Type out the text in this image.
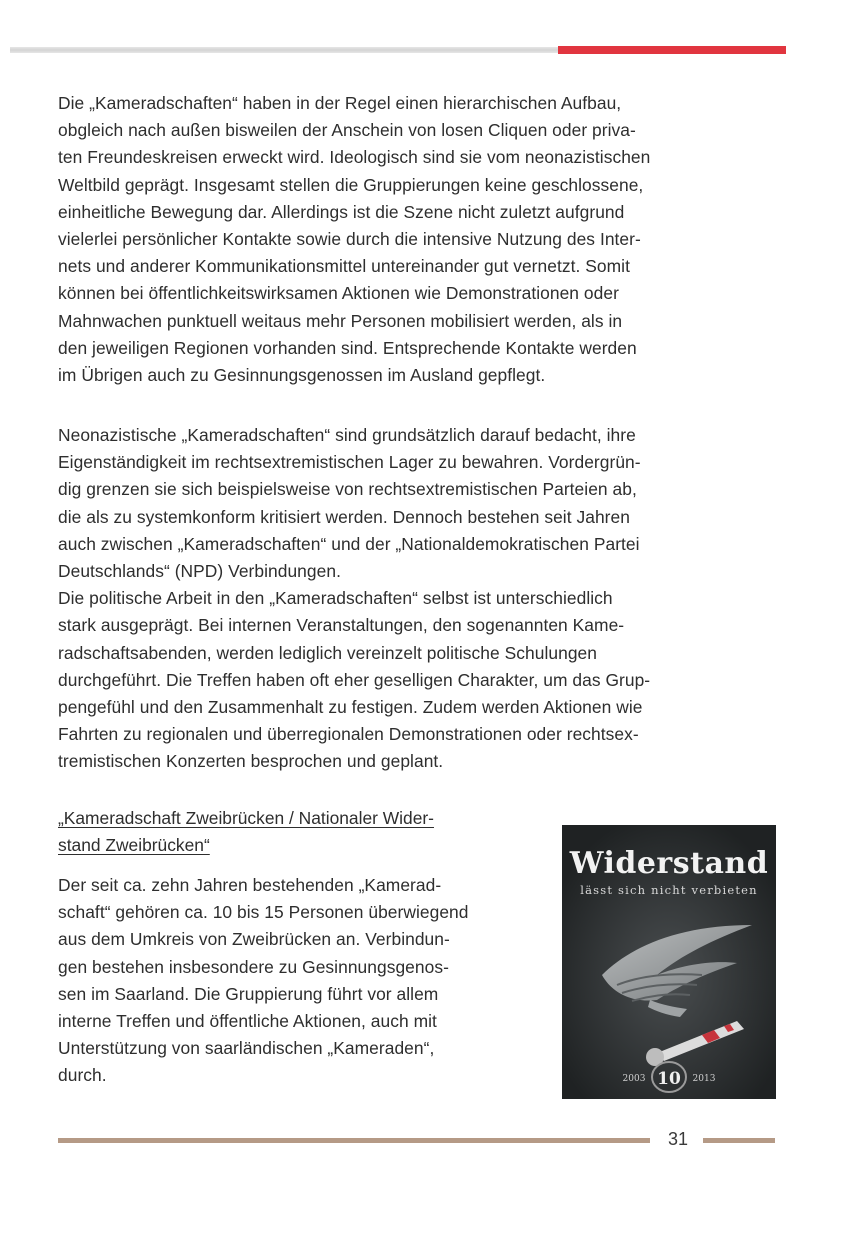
Die „Kameradschaften“ haben in der Regel einen hierarchischen Aufbau,
obgleich nach außen bisweilen der Anschein von losen Cliquen oder priva-
ten Freundeskreisen erweckt wird. Ideologisch sind sie vom neonazistischen
Weltbild geprägt. Insgesamt stellen die Gruppierungen keine geschlossene,
einheitliche Bewegung dar. Allerdings ist die Szene nicht zuletzt aufgrund
vielerlei persönlicher Kontakte sowie durch die intensive Nutzung des Inter-
nets und anderer Kommunikationsmittel untereinander gut vernetzt. Somit
können bei öffentlichkeitswirksamen Aktionen wie Demonstrationen oder
Mahnwachen punktuell weitaus mehr Personen mobilisiert werden, als in
den jeweiligen Regionen vorhanden sind. Entsprechende Kontakte werden
im Übrigen auch zu Gesinnungsgenossen im Ausland gepflegt.
Neonazistische „Kameradschaften“ sind grundsätzlich darauf bedacht, ihre
Eigenständigkeit im rechtsextremistischen Lager zu bewahren. Vordergrün-
dig grenzen sie sich beispielsweise von rechtsextremistischen Parteien ab,
die als zu systemkonform kritisiert werden. Dennoch bestehen seit Jahren
auch zwischen „Kameradschaften“ und der „Nationaldemokratischen Partei
Deutschlands“ (NPD) Verbindungen.
Die politische Arbeit in den „Kameradschaften“ selbst ist unterschiedlich
stark ausgeprägt. Bei internen Veranstaltungen, den sogenannten Kame-
radschaftsabenden, werden lediglich vereinzelt politische Schulungen
durchgeführt. Die Treffen haben oft eher geselligen Charakter, um das Grup-
pengefühl und den Zusammenhalt zu festigen. Zudem werden Aktionen wie
Fahrten zu regionalen und überregionalen Demonstrationen oder rechtsex-
tremistischen Konzerten besprochen und geplant.
„Kameradschaft Zweibrücken / Nationaler Wider-
stand Zweibrücken“
Der seit ca. zehn Jahren bestehenden „Kamerad-
schaft“ gehören ca. 10 bis 15 Personen überwiegend
aus dem Umkreis von Zweibrücken an. Verbindun-
gen bestehen insbesondere zu Gesinnungsgenos-
sen im Saarland. Die Gruppierung führt vor allem
interne Treffen und öffentliche Aktionen, auch mit
Unterstützung von saarländischen „Kameraden“,
durch.
Widerstand
lässt sich nicht verbieten
2003 10 2013
31
